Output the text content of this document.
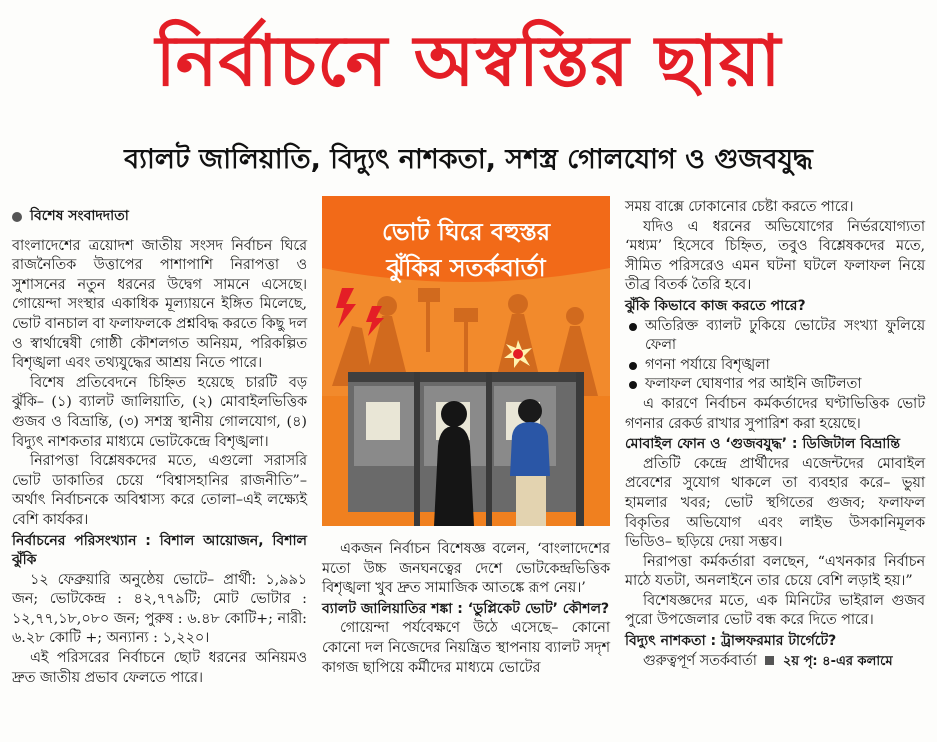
নির্বাচনে অস্বস্তির ছায়া
ব্যালট জালিয়াতি, বিদ্যুৎ নাশকতা, সশস্ত্র গোলযোগ ও গুজবযুদ্ধ
বিশেষ সংবাদদাতা

বাংলাদেশের ত্রয়োদশ জাতীয় সংসদ নির্বাচন ঘিরে রাজনৈতিক উত্তাপের পাশাপাশি নিরাপত্তা ও সুশাসনের নতুন ধরনের উদ্বেগ সামনে এসেছে। গোয়েন্দা সংস্থার একাধিক মূল্যায়নে ইঙ্গিত মিলেছে, ভোট বানচাল বা ফলাফলকে প্রশ্নবিদ্ধ করতে কিছু দল ও স্বার্থান্বেষী গোষ্ঠী কৌশলগত অনিয়ম, পরিকল্পিত বিশৃঙ্খলা এবং তথ্যযুদ্ধের আশ্রয় নিতে পারে।

বিশেষ প্রতিবেদনে চিহ্নিত হয়েছে চারটি বড় ঝুঁকি– (১) ব্যালট জালিয়াতি, (২) মোবাইলভিত্তিক গুজব ও বিভ্রান্তি, (৩) সশস্ত্র স্থানীয় গোলযোগ, (৪) বিদ্যুৎ নাশকতার মাধ্যমে ভোটকেন্দ্রে বিশৃঙ্খলা।

নিরাপত্তা বিশ্লেষকদের মতে, এগুলো সরাসরি ভোট ডাকাতির চেয়ে “বিশ্বাসহানির রাজনীতি”–অর্থাৎ নির্বাচনকে অবিশ্বাস্য করে তোলা–এই লক্ষ্যেই বেশি কার্যকর।

নির্বাচনের পরিসংখ্যান : বিশাল আয়োজন, বিশাল ঝুঁকি

১২ ফেব্রুয়ারি অনুষ্ঠেয় ভোটে– প্রার্থী: ১,৯৯১ জন; ভোটকেন্দ্র : ৪২,৭৭৯টি; মোট ভোটার : ১২,৭৭,১৮,০৮০ জন; পুরুষ : ৬.৪৮ কোটি+; নারী: ৬.২৮ কোটি +; অন্যান্য : ১,২২০।

এই পরিসরের নির্বাচনে ছোট ধরনের অনিয়মও দ্রুত জাতীয় প্রভাব ফেলতে পারে।

ভোট ঘিরে বহুস্তর
ঝুঁকির সতর্কবার্তা

একজন নির্বাচন বিশেষজ্ঞ বলেন, ‘বাংলাদেশের মতো উচ্চ জনঘনত্বের দেশে ভোটকেন্দ্রভিত্তিক বিশৃঙ্খলা খুব দ্রুত সামাজিক আতঙ্কে রূপ নেয়।’

ব্যালট জালিয়াতির শঙ্কা : ‘ডুপ্লিকেট ভোট’ কৌশল?

গোয়েন্দা পর্যবেক্ষণে উঠে এসেছে– কোনো কোনো দল নিজেদের নিয়ন্ত্রিত স্থাপনায় ব্যালট সদৃশ কাগজ ছাপিয়ে কর্মীদের মাধ্যমে ভোটের

সময় বাক্সে ঢোকানোর চেষ্টা করতে পারে।

যদিও এ ধরনের অভিযোগের নির্ভরযোগ্যতা ‘মধ্যম’ হিসেবে চিহ্নিত, তবুও বিশ্লেষকদের মতে, সীমিত পরিসরেও এমন ঘটনা ঘটলে ফলাফল নিয়ে তীব্র বিতর্ক তৈরি হবে।

ঝুঁকি কিভাবে কাজ করতে পারে?
অতিরিক্ত ব্যালট ঢুকিয়ে ভোটের সংখ্যা ফুলিয়ে ফেলা
গণনা পর্যায়ে বিশৃঙ্খলা
ফলাফল ঘোষণার পর আইনি জটিলতা

এ কারণে নির্বাচন কর্মকর্তাদের ঘণ্টাভিত্তিক ভোট গণনার রেকর্ড রাখার সুপারিশ করা হয়েছে।

মোবাইল ফোন ও ‘গুজবযুদ্ধ’ : ডিজিটাল বিভ্রান্তি

প্রতিটি কেন্দ্রে প্রার্থীদের এজেন্টদের মোবাইল প্রবেশের সুযোগ থাকলে তা ব্যবহার করে– ভুয়া হামলার খবর; ভোট স্থগিতের গুজব; ফলাফল বিকৃতির অভিযোগ এবং লাইভ উসকানিমূলক ভিডিও– ছড়িয়ে দেয়া সম্ভব।

নিরাপত্তা কর্মকর্তারা বলছেন, “এখনকার নির্বাচন মাঠে যতটা, অনলাইনে তার চেয়ে বেশি লড়াই হয়।”

বিশেষজ্ঞদের মতে, এক মিনিটের ভাইরাল গুজব পুরো উপজেলার ভোট বন্ধ করে দিতে পারে।

বিদ্যুৎ নাশকতা : ট্রান্সফরমার টার্গেটে?

গুরুত্বপূর্ণ সতর্কবার্তা ২য় পৃ: ৪-এর কলামে
